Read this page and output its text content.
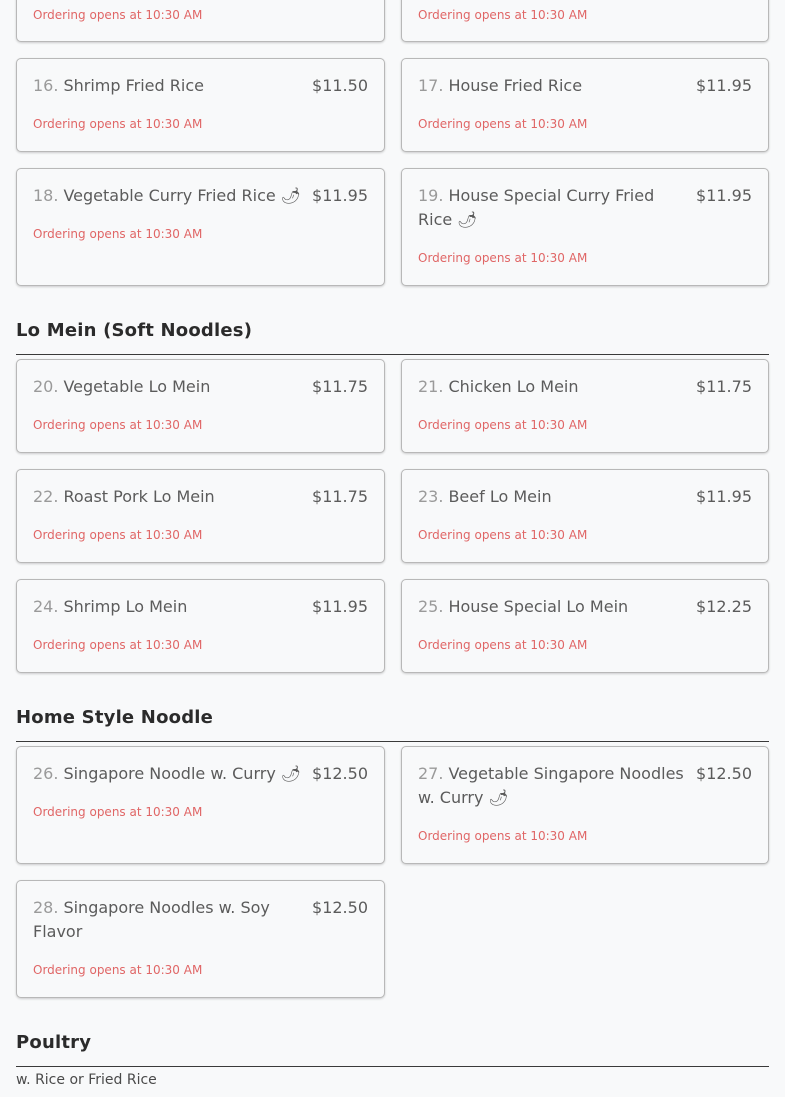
Ordering opens at 10:30 AM	Ordering opens at 10:30 AM
16. Shrimp Fried Rice	$11.50
Ordering opens at 10:30 AM
17. House Fried Rice	$11.95
Ordering opens at 10:30 AM
18. Vegetable Curry Fried Rice 🌶 $11.95
Ordering opens at 10:30 AM
19. House Special Curry Fried Rice 🌶
$11.95
Ordering opens at 10:30 AM
Lo Mein (Soft Noodles)
20. Vegetable Lo Mein	$11.75
Ordering opens at 10:30 AM
21. Chicken Lo Mein	$11.75
Ordering opens at 10:30 AM
22. Roast Pork Lo Mein	$11.75
Ordering opens at 10:30 AM
23. Beef Lo Mein	$11.95
Ordering opens at 10:30 AM
24. Shrimp Lo Mein	$11.95
Ordering opens at 10:30 AM
25. House Special Lo Mein	$12.25
Ordering opens at 10:30 AM
Home Style Noodle
26. Singapore Noodle w. Curry 🌶 $12.50
Ordering opens at 10:30 AM
27. Vegetable Singapore Noodles w. Curry 🌶
$12.50
Ordering opens at 10:30 AM
28. Singapore Noodles w. Soy Flavor
$12.50
Ordering opens at 10:30 AM
Poultry
w. Rice or Fried Rice
